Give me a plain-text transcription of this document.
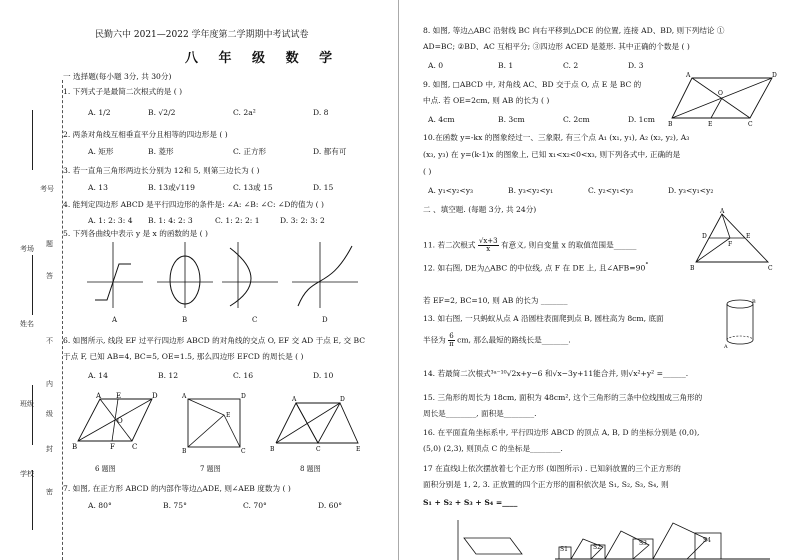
考号
考场
答
姓名
不
题
班级
内
级
封
学校
密
民勤六中 2021—2022 学年度第二学期期中考试试卷
八 年 级 数 学
一 选择题(每小题 3分, 共 30分)
1. 下列式子是最简二次根式的是 ( )
A. 1/2	B. √2/2	C. 2a²	D. 8
2. 两条对角线互相垂直平分且相等的四边形是 ( )
A. 矩形	B. 菱形	C. 正方形	D. 都有可
3. 若一直角三角形两边长分别为 12和 5, 则第三边长为 ( )
A. 13	B. 13或√119	C. 13或 15	D. 15
4. 能判定四边形 ABCD 是平行四边形的条件是: ∠A: ∠B: ∠C: ∠D的值为 ( )
A. 1: 2: 3: 4 B. 1: 4: 2: 3	C. 1: 2: 2: 1	D. 3: 2: 3: 2
5. 下列各曲线中表示 y 是 x 的函数的是 ( )
A	B	C	D
6. 如图所示, 线段 EF 过平行四边形 ABCD 的对角线的交点 O, EF 交 AD 于点 E, 交 BC
于点 F, 已知 AB=4, BC=5, OE=1.5, 那么四边形 EFCD 的周长是 ( )
A. 14	B. 12	C. 16	D. 10
A E	D
O
B	F C
A	D
E
B	C
A	D
B	C	E
6 题图	7 题图	8 题图
7. 如图, 在正方形 ABCD 的内部作等边△ADE, 则∠AEB 度数为 ( )
A. 80°	B. 75°	C. 70°	D. 60°
8. 如图, 等边△ABC 沿射线 BC 向右平移到△DCE 的位置, 连接 AD、BD, 则下列结论 ①
AD=BC; ②BD、AC 互相平分; ③四边形 ACED 是菱形. 其中正确的个数是 ( )
A. 0	B. 1	C. 2	D. 3
A	D
O
B	E	C
9. 如图, □ABCD 中, 对角线 AC、BD 交于点 O, 点 E 是 BC 的
中点. 若 OE=2cm, 则 AB 的长为 ( )
A. 4cm	B. 3cm	C. 2cm	D. 1cm
10.在函数 y=-kx 的图象经过一、三象限, 有三个点 A₁ (x₁, y₁), A₂ (x₂, y₂), A₃
(x₃, y₃) 在 y=(k-1)x 的图象上, 已知 x₁<x₂<0<x₃, 则下列各式中, 正确的是
( )
A. y₁<y₂<y₃	B. y₃<y₂<y₁	C. y₂<y₁<y₃	D. y₃<y₁<y₂
二 、填空题. (每题 3分, 共 24分)	A
D	E
F
B	C
11. 若二次根式 $\frac{√x+3}{x}$ 有意义, 则自变量 x 的取值范围是______
12. 如右图, DE为△ABC 的中位线, 点 F 在 DE 上, 且∠AFB=90°
若 EF=2, BC=10, 则 AB 的长为 _______	B
A
13. 如右图, 一只蚂蚁从点 A 沿圆柱表面爬到点 B, 圆柱高为 8cm, 底面
半径为 $\frac{6}{\pi}$ cm, 那么最短的路线长是_______.
14. 若最简二次根式³ᵃ⁻¹⁰√2x+y−6 和√x−3y+11能合并, 则√x²+y² =______.
15. 三角形的周长为 18cm, 面积为 48cm², 这个三角形的三条中位线围成三角形的
周长是________, 面积是________.
16. 在平面直角坐标系中, 平行四边形 ABCD 的顶点 A, B, D 的坐标分别是 (0,0),
(5,0) (2,3), 则顶点 C 的坐标是________.
17 在直线l上依次摆放着七个正方形 (如图所示) . 已知斜放置的三个正方形的
面积分别是 1, 2, 3. 正放置的四个正方形的面积依次是 S₁, S₂, S₃, S₄, 则
S₁ + S₂ + S₃ + S₄ =____
S1	S2
S3	S4
